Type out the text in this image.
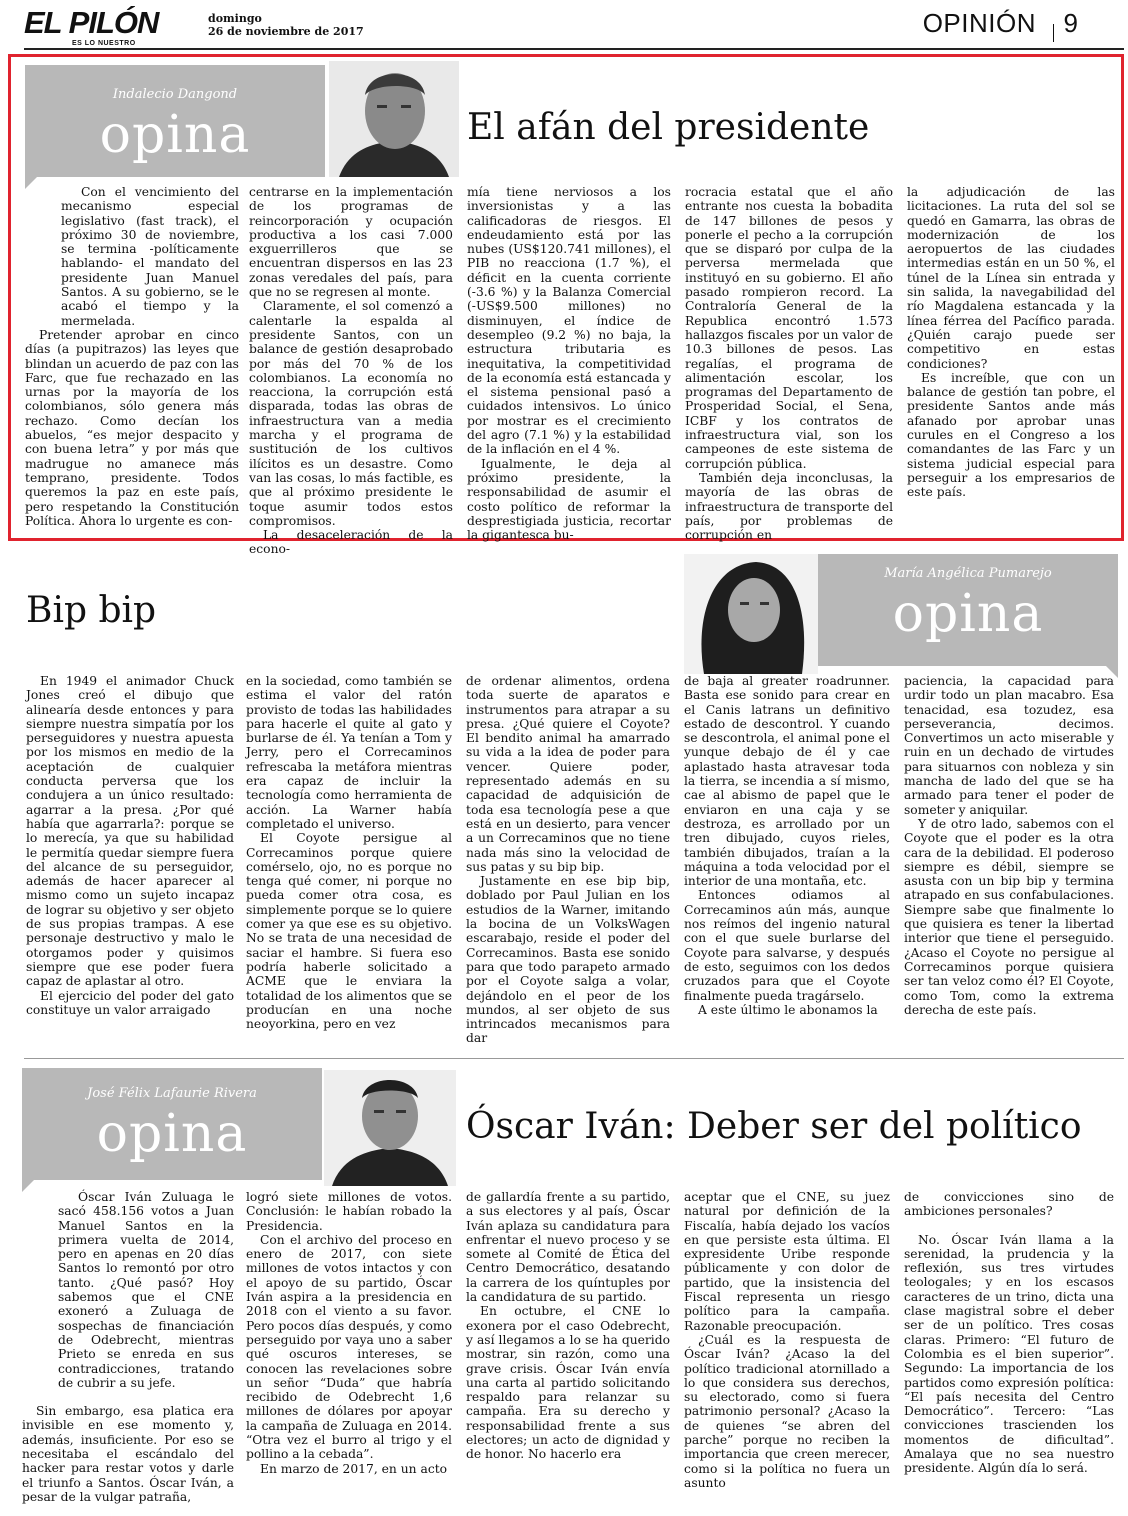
EL PILÓN
ES LO NUESTRO
domingo
26 de noviembre de 2017	OPINIÓN 9
Indalecio Dangond
opina	El afán del presidente

Con el vencimiento del mecanismo especial legislativo (fast track), el próximo 30 de noviembre, se termina -políticamente hablando- el mandato del presidente Juan Manuel Santos. A su gobierno, se le acabó el tiempo y la mermelada.

Pretender aprobar en cinco días (a pupitrazos) las leyes que blindan un acuerdo de paz con las Farc, que fue rechazado en las urnas por la mayoría de los colombianos, sólo genera más rechazo. Como decían los abuelos, “es mejor despacito y con buena letra” y por más que madrugue no amanece más temprano, presidente. Todos queremos la paz en este país, pero respetando la Constitución Política. Ahora lo urgente es con-

centrarse en la implementación de los programas de reincorporación y ocupación productiva a los casi 7.000 exguerrilleros que se encuentran dispersos en las 23 zonas veredales del país, para que no se regresen al monte.

Claramente, el sol comenzó a calentarle la espalda al presidente Santos, con un balance de gestión desaprobado por más del 70 % de los colombianos. La economía no reacciona, la corrupción está disparada, todas las obras de infraestructura van a media marcha y el programa de sustitución de los cultivos ilícitos es un desastre. Como van las cosas, lo más factible, es que al próximo presidente le toque asumir todos estos compromisos.

La desaceleración de la econo-

mía tiene nerviosos a los inversionistas y a las calificadoras de riesgos. El endeudamiento está por las nubes (US$120.741 millones), el PIB no reacciona (1.7 %), el déficit en la cuenta corriente (-3.6 %) y la Balanza Comercial (-US$9.500 millones) no disminuyen, el índice de desempleo (9.2 %) no baja, la estructura tributaria es inequitativa, la competitividad de la economía está estancada y el sistema pensional pasó a cuidados intensivos. Lo único por mostrar es el crecimiento del agro (7.1 %) y la estabilidad de la inflación en el 4 %.

Igualmente, le deja al próximo presidente, la responsabilidad de asumir el costo político de reformar la desprestigiada justicia, recortar la gigantesca bu-

rocracia estatal que el año entrante nos cuesta la bobadita de 147 billones de pesos y ponerle el pecho a la corrupción que se disparó por culpa de la perversa mermelada que instituyó en su gobierno. El año pasado rompieron record. La Contraloría General de la Republica encontró 1.573 hallazgos fiscales por un valor de 10.3 billones de pesos. Las regalías, el programa de alimentación escolar, los programas del Departamento de Prosperidad Social, el Sena, ICBF y los contratos de infraestructura vial, son los campeones de este sistema de corrupción pública.

También deja inconclusas, la mayoría de las obras de infraestructura de transporte del país, por problemas de corrupción en

la adjudicación de las licitaciones. La ruta del sol se quedó en Gamarra, las obras de modernización de los aeropuertos de las ciudades intermedias están en un 50 %, el túnel de la Línea sin entrada y sin salida, la navegabilidad del río Magdalena estancada y la línea férrea del Pacífico parada. ¿Quién carajo puede ser competitivo en estas condiciones?

Es increíble, que con un balance de gestión tan pobre, el presidente Santos ande más afanado por aprobar unas curules en el Congreso a los comandantes de las Farc y un sistema judicial especial para perseguir a los empresarios de este país.

Bip bip
María Angélica Pumarejo
opina

En 1949 el animador Chuck Jones creó el dibujo que alinearía desde entonces y para siempre nuestra simpatía por los perseguidores y nuestra apuesta por los mismos en medio de la aceptación de cualquier conducta perversa que los condujera a un único resultado: agarrar a la presa. ¿Por qué había que agarrarla?: porque se lo merecía, ya que su habilidad le permitía quedar siempre fuera del alcance de su perseguidor, además de hacer aparecer al mismo como un sujeto incapaz de lograr su objetivo y ser objeto de sus propias trampas. A ese personaje destructivo y malo le otorgamos poder y quisimos siempre que ese poder fuera capaz de aplastar al otro.

El ejercicio del poder del gato constituye un valor arraigado

en la sociedad, como también se estima el valor del ratón provisto de todas las habilidades para hacerle el quite al gato y burlarse de él. Ya tenían a Tom y Jerry, pero el Correcaminos refrescaba la metáfora mientras era capaz de incluir la tecnología como herramienta de acción. La Warner había completado el universo.

El Coyote persigue al Correcaminos porque quiere comérselo, ojo, no es porque no tenga qué comer, ni porque no pueda comer otra cosa, es simplemente porque se lo quiere comer ya que ese es su objetivo. No se trata de una necesidad de saciar el hambre. Si fuera eso podría haberle solicitado a ACME que le enviara la totalidad de los alimentos que se producían en una noche neoyorkina, pero en vez

de ordenar alimentos, ordena toda suerte de aparatos e instrumentos para atrapar a su presa. ¿Qué quiere el Coyote? El bendito animal ha amarrado su vida a la idea de poder para vencer. Quiere poder, representado además en su capacidad de adquisición de toda esa tecnología pese a que está en un desierto, para vencer a un Correcaminos que no tiene nada más sino la velocidad de sus patas y su bip bip.

Justamente en ese bip bip, doblado por Paul Julian en los estudios de la Warner, imitando la bocina de un VolksWagen escarabajo, reside el poder del Correcaminos. Basta ese sonido para que todo parapeto armado por el Coyote salga a volar, dejándolo en el peor de los mundos, al ser objeto de sus intrincados mecanismos para dar

de baja al greater roadrunner. Basta ese sonido para crear en el Canis latrans un definitivo estado de descontrol. Y cuando se descontrola, el animal pone el yunque debajo de él y cae aplastado hasta atravesar toda la tierra, se incendia a sí mismo, cae al abismo de papel que le enviaron en una caja y se destroza, es arrollado por un tren dibujado, cuyos rieles, también dibujados, traían a la máquina a toda velocidad por el interior de una montaña, etc.

Entonces odiamos al Correcaminos aún más, aunque nos reímos del ingenio natural con el que suele burlarse del Coyote para salvarse, y después de esto, seguimos con los dedos cruzados para que el Coyote finalmente pueda tragárselo.

A este último le abonamos la

paciencia, la capacidad para urdir todo un plan macabro. Esa tenacidad, esa tozudez, esa perseverancia, decimos. Convertimos un acto miserable y ruin en un dechado de virtudes para situarnos con nobleza y sin mancha de lado del que se ha armado para tener el poder de someter y aniquilar.

Y de otro lado, sabemos con el Coyote que el poder es la otra cara de la debilidad. El poderoso siempre es débil, siempre se asusta con un bip bip y termina atrapado en sus confabulaciones. Siempre sabe que finalmente lo que quisiera es tener la libertad interior que tiene el perseguido. ¿Acaso el Coyote no persigue al Correcaminos porque quisiera ser tan veloz como él? El Coyote, como Tom, como la extrema derecha de este país.

José Félix Lafaurie Rivera
opina	Óscar Iván: Deber ser del político

Óscar Iván Zuluaga le sacó 458.156 votos a Juan Manuel Santos en la primera vuelta de 2014, pero en apenas en 20 días Santos lo remontó por otro tanto. ¿Qué pasó? Hoy sabemos que el CNE exoneró a Zuluaga de sospechas de financiación de Odebrecht, mientras Prieto se enreda en sus contradicciones, tratando de cubrir a su jefe.

Sin embargo, esa platica era invisible en ese momento y, además, insuficiente. Por eso se necesitaba el escándalo del hacker para restar votos y darle el triunfo a Santos. Óscar Iván, a pesar de la vulgar patraña,

logró siete millones de votos. Conclusión: le habían robado la Presidencia.

Con el archivo del proceso en enero de 2017, con siete millones de votos intactos y con el apoyo de su partido, Óscar Iván aspira a la presidencia en 2018 con el viento a su favor. Pero pocos días después, y como perseguido por vaya uno a saber qué oscuros intereses, se conocen las revelaciones sobre un señor “Duda” que habría recibido de Odebrecht 1,6 millones de dólares por apoyar la campaña de Zuluaga en 2014. “Otra vez el burro al trigo y el pollino a la cebada”.

En marzo de 2017, en un acto

de gallardía frente a su partido, a sus electores y al país, Óscar Iván aplaza su candidatura para enfrentar el nuevo proceso y se somete al Comité de Ética del Centro Democrático, desatando la carrera de los quíntuples por la candidatura de su partido.

En octubre, el CNE lo exonera por el caso Odebrecht, y así llegamos a lo se ha querido mostrar, sin razón, como una grave crisis. Óscar Iván envía una carta al partido solicitando respaldo para relanzar su campaña. Era su derecho y responsabilidad frente a sus electores; un acto de dignidad y de honor. No hacerlo era

aceptar que el CNE, su juez natural por definición de la Fiscalía, había dejado los vacíos en que persiste esta última. El expresidente Uribe responde públicamente y con dolor de partido, que la insistencia del Fiscal representa un riesgo político para la campaña. Razonable preocupación.

¿Cuál es la respuesta de Óscar Iván? ¿Acaso la del político tradicional atornillado a lo que considera sus derechos, su electorado, como si fuera patrimonio personal? ¿Acaso la de quienes “se abren del parche” porque no reciben la importancia que creen merecer, como si la política no fuera un asunto

de convicciones sino de ambiciones personales?

No. Óscar Iván llama a la serenidad, la prudencia y la reflexión, sus tres virtudes teologales; y en los escasos caracteres de un trino, dicta una clase magistral sobre el deber ser de un político. Tres cosas claras. Primero: “El futuro de Colombia es el bien superior”. Segundo: La importancia de los partidos como expresión política: “El país necesita del Centro Democrático”. Tercero: “Las convicciones trascienden los momentos de dificultad”. Amalaya que no sea nuestro presidente. Algún día lo será.
